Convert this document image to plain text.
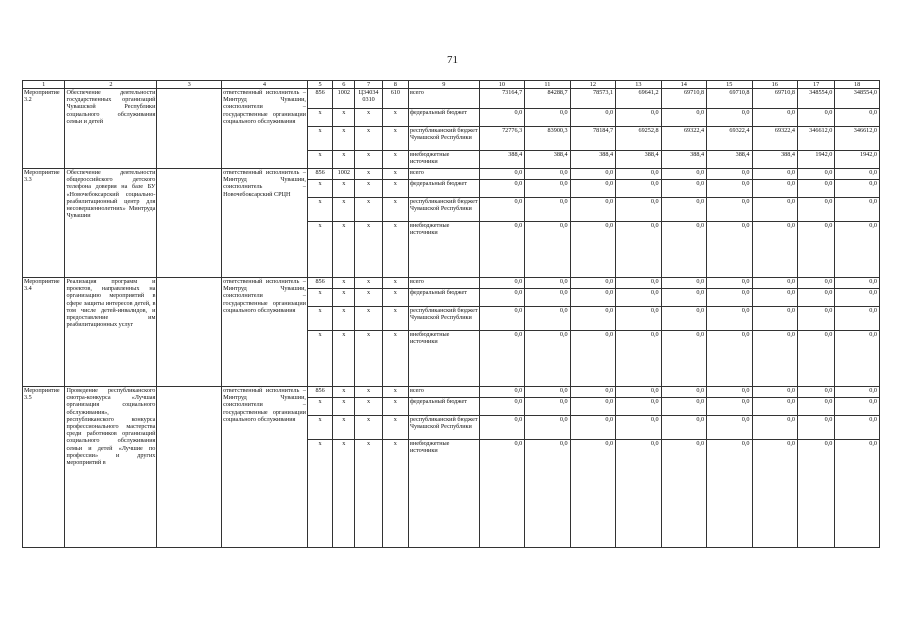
71
1	2	3	4	5	6	7	8	9	10	11	12	13	14	15	16	17	18
Мероприятие 3.2	Обеспечение деятельности государственных организаций Чувашской Республики социального обслуживания семьи и детей		ответственный исполнитель – Минтруд Чувашии, соисполнители – государственные организации социального обслуживания	856	1002	Ц34034 0310	610	всего	73164,7	84288,7	78573,1	69641,2	69710,8	69710,8	69710,8	348554,0	348554,0
				x	x	x	x	федеральный бюджет	0,0	0,0	0,0	0,0	0,0	0,0	0,0	0,0	0,0
				x	x	x	x	республиканский бюджет Чувашской Республики	72776,3	83900,3	78184,7	69252,8	69322,4	69322,4	69322,4	346612,0	346612,0
				x	x	x	x	внебюджетные источники	388,4	388,4	388,4	388,4	388,4	388,4	388,4	1942,0	1942,0
Мероприятие 3.3	Обеспечение деятельности общероссийского детского телефона доверия на базе БУ «Новочебоксарский социально-реабилитационный центр для несовершеннолетних» Минтруда Чувашии		ответственный исполнитель – Минтруд Чувашии, соисполнитель – Новочебоксарский СРЦН	856	1002	x	x	всего	0,0	0,0	0,0	0,0	0,0	0,0	0,0	0,0	0,0
				x	x	x	x	федеральный бюджет	0,0	0,0	0,0	0,0	0,0	0,0	0,0	0,0	0,0
				x	x	x	x	республиканский бюджет Чувашской Республики	0,0	0,0	0,0	0,0	0,0	0,0	0,0	0,0	0,0
				x	x	x	x	внебюджетные источники	0,0	0,0	0,0	0,0	0,0	0,0	0,0	0,0	0,0
Мероприятие 3.4	Реализация программ и проектов, направленных на организацию мероприятий в сфере защиты интересов детей, в том числе детей-инвалидов, и предоставление им реабилитационных услуг		ответственный исполнитель – Минтруд Чувашии, соисполнители – государственные организации социального обслуживания	856	x	x	x	всего	0,0	0,0	0,0	0,0	0,0	0,0	0,0	0,0	0,0
				x	x	x	x	федеральный бюджет	0,0	0,0	0,0	0,0	0,0	0,0	0,0	0,0	0,0
				x	x	x	x	республиканский бюджет Чувашской Республики	0,0	0,0	0,0	0,0	0,0	0,0	0,0	0,0	0,0
				x	x	x	x	внебюджетные источники	0,0	0,0	0,0	0,0	0,0	0,0	0,0	0,0	0,0
Мероприятие 3.5	Проведение республиканского смотра-конкурса «Лучшая организация социального обслуживания», республиканского конкурса профессионального мастерства среди работников организаций социального обслуживания семьи и детей «Лучшие по профессии» и других мероприятий в		ответственный исполнитель – Минтруд Чувашии, соисполнители – государственные организации социального обслуживания	856	x	x	x	всего	0,0	0,0	0,0	0,0	0,0	0,0	0,0	0,0	0,0
				x	x	x	x	федеральный бюджет	0,0	0,0	0,0	0,0	0,0	0,0	0,0	0,0	0,0
				x	x	x	x	республиканский бюджет Чувашской Республики	0,0	0,0	0,0	0,0	0,0	0,0	0,0	0,0	0,0
				x	x	x	x	внебюджетные источники	0,0	0,0	0,0	0,0	0,0	0,0	0,0	0,0	0,0
